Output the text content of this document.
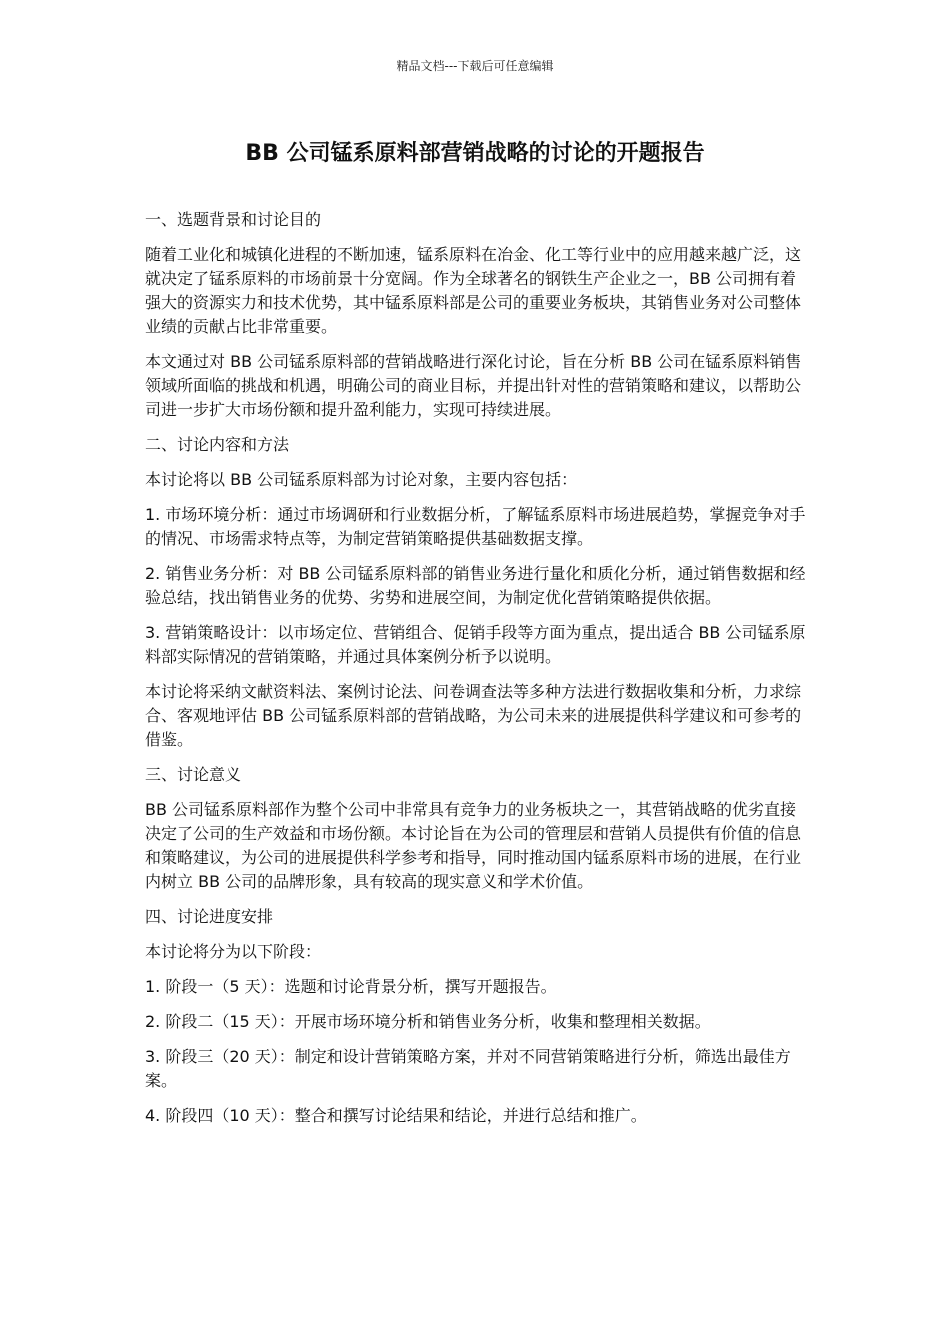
精品文档---下载后可任意编辑
BB 公司锰系原料部营销战略的讨论的开题报告

一、选题背景和讨论目的

随着工业化和城镇化进程的不断加速，锰系原料在冶金、化工等行业中的应用越来越广泛，这就决定了锰系原料的市场前景十分宽阔。作为全球著名的钢铁生产企业之一，BB 公司拥有着强大的资源实力和技术优势，其中锰系原料部是公司的重要业务板块，其销售业务对公司整体业绩的贡献占比非常重要。

本文通过对 BB 公司锰系原料部的营销战略进行深化讨论，旨在分析 BB 公司在锰系原料销售领域所面临的挑战和机遇，明确公司的商业目标，并提出针对性的营销策略和建议，以帮助公司进一步扩大市场份额和提升盈利能力，实现可持续进展。

二、讨论内容和方法

本讨论将以 BB 公司锰系原料部为讨论对象，主要内容包括：

1. 市场环境分析：通过市场调研和行业数据分析，了解锰系原料市场进展趋势，掌握竞争对手的情况、市场需求特点等，为制定营销策略提供基础数据支撑。

2. 销售业务分析：对 BB 公司锰系原料部的销售业务进行量化和质化分析，通过销售数据和经验总结，找出销售业务的优势、劣势和进展空间，为制定优化营销策略提供依据。

3. 营销策略设计：以市场定位、营销组合、促销手段等方面为重点，提出适合 BB 公司锰系原料部实际情况的营销策略，并通过具体案例分析予以说明。

本讨论将采纳文献资料法、案例讨论法、问卷调查法等多种方法进行数据收集和分析，力求综合、客观地评估 BB 公司锰系原料部的营销战略，为公司未来的进展提供科学建议和可参考的借鉴。

三、讨论意义

BB 公司锰系原料部作为整个公司中非常具有竞争力的业务板块之一，其营销战略的优劣直接决定了公司的生产效益和市场份额。本讨论旨在为公司的管理层和营销人员提供有价值的信息和策略建议，为公司的进展提供科学参考和指导，同时推动国内锰系原料市场的进展，在行业内树立 BB 公司的品牌形象，具有较高的现实意义和学术价值。

四、讨论进度安排

本讨论将分为以下阶段：

1. 阶段一（5 天）：选题和讨论背景分析，撰写开题报告。

2. 阶段二（15 天）：开展市场环境分析和销售业务分析，收集和整理相关数据。

3. 阶段三（20 天）：制定和设计营销策略方案，并对不同营销策略进行分析，筛选出最佳方案。

4. 阶段四（10 天）：整合和撰写讨论结果和结论，并进行总结和推广。
